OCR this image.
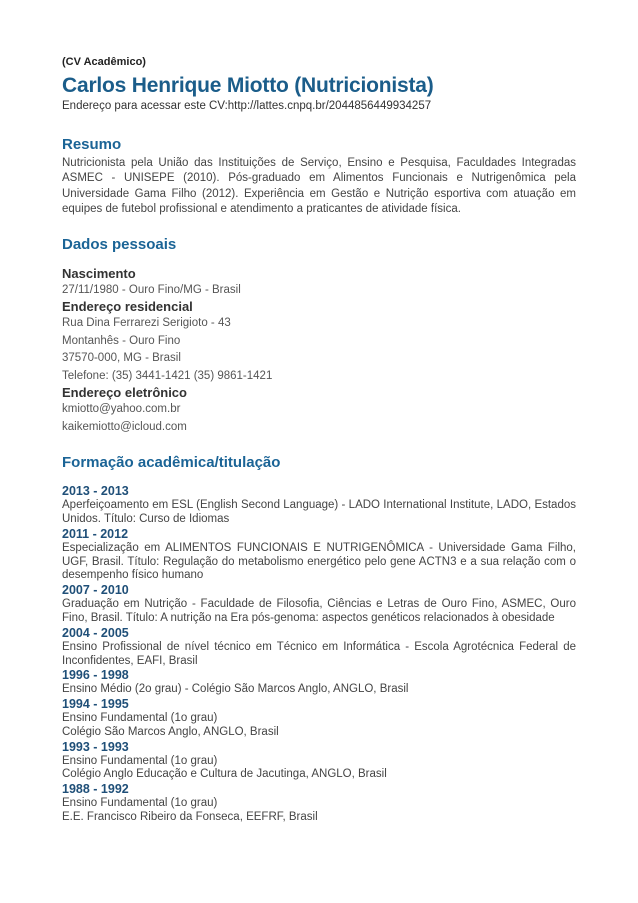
(CV Acadêmico)

Carlos Henrique Miotto (Nutricionista)

Endereço para acessar este CV:http://lattes.cnpq.br/2044856449934257

Resumo

Nutricionista pela União das Instituições de Serviço, Ensino e Pesquisa, Faculdades Integradas ASMEC - UNISEPE (2010). Pós-graduado em Alimentos Funcionais e Nutrigenômica pela Universidade Gama Filho (2012). Experiência em Gestão e Nutrição esportiva com atuação em equipes de futebol profissional e atendimento a praticantes de atividade física.

Dados pessoais
Nascimento

27/11/1980 - Ouro Fino/MG - Brasil

Endereço residencial

Rua Dina Ferrarezi Serigioto - 43

Montanhês - Ouro Fino

37570-000, MG - Brasil

Telefone: (35) 3441-1421 (35) 9861-1421

Endereço eletrônico

kmiotto@yahoo.com.br

kaikemiotto@icloud.com

Formação acadêmica/titulação

2013 - 2013

Aperfeiçoamento em ESL (English Second Language) - LADO International Institute, LADO, Estados Unidos. Título: Curso de Idiomas

2011 - 2012

Especialização em ALIMENTOS FUNCIONAIS E NUTRIGENÔMICA - Universidade Gama Filho, UGF, Brasil. Título: Regulação do metabolismo energético pelo gene ACTN3 e a sua relação com o desempenho físico humano

2007 - 2010

Graduação em Nutrição - Faculdade de Filosofia, Ciências e Letras de Ouro Fino, ASMEC, Ouro Fino, Brasil. Título: A nutrição na Era pós-genoma: aspectos genéticos relacionados à obesidade

2004 - 2005

Ensino Profissional de nível técnico em Técnico em Informática - Escola Agrotécnica Federal de Inconfidentes, EAFI, Brasil

1996 - 1998

Ensino Médio (2o grau) - Colégio São Marcos Anglo, ANGLO, Brasil

1994 - 1995

Ensino Fundamental (1o grau)

Colégio São Marcos Anglo, ANGLO, Brasil

1993 - 1993

Ensino Fundamental (1o grau)

Colégio Anglo Educação e Cultura de Jacutinga, ANGLO, Brasil

1988 - 1992

Ensino Fundamental (1o grau)

E.E. Francisco Ribeiro da Fonseca, EEFRF, Brasil
